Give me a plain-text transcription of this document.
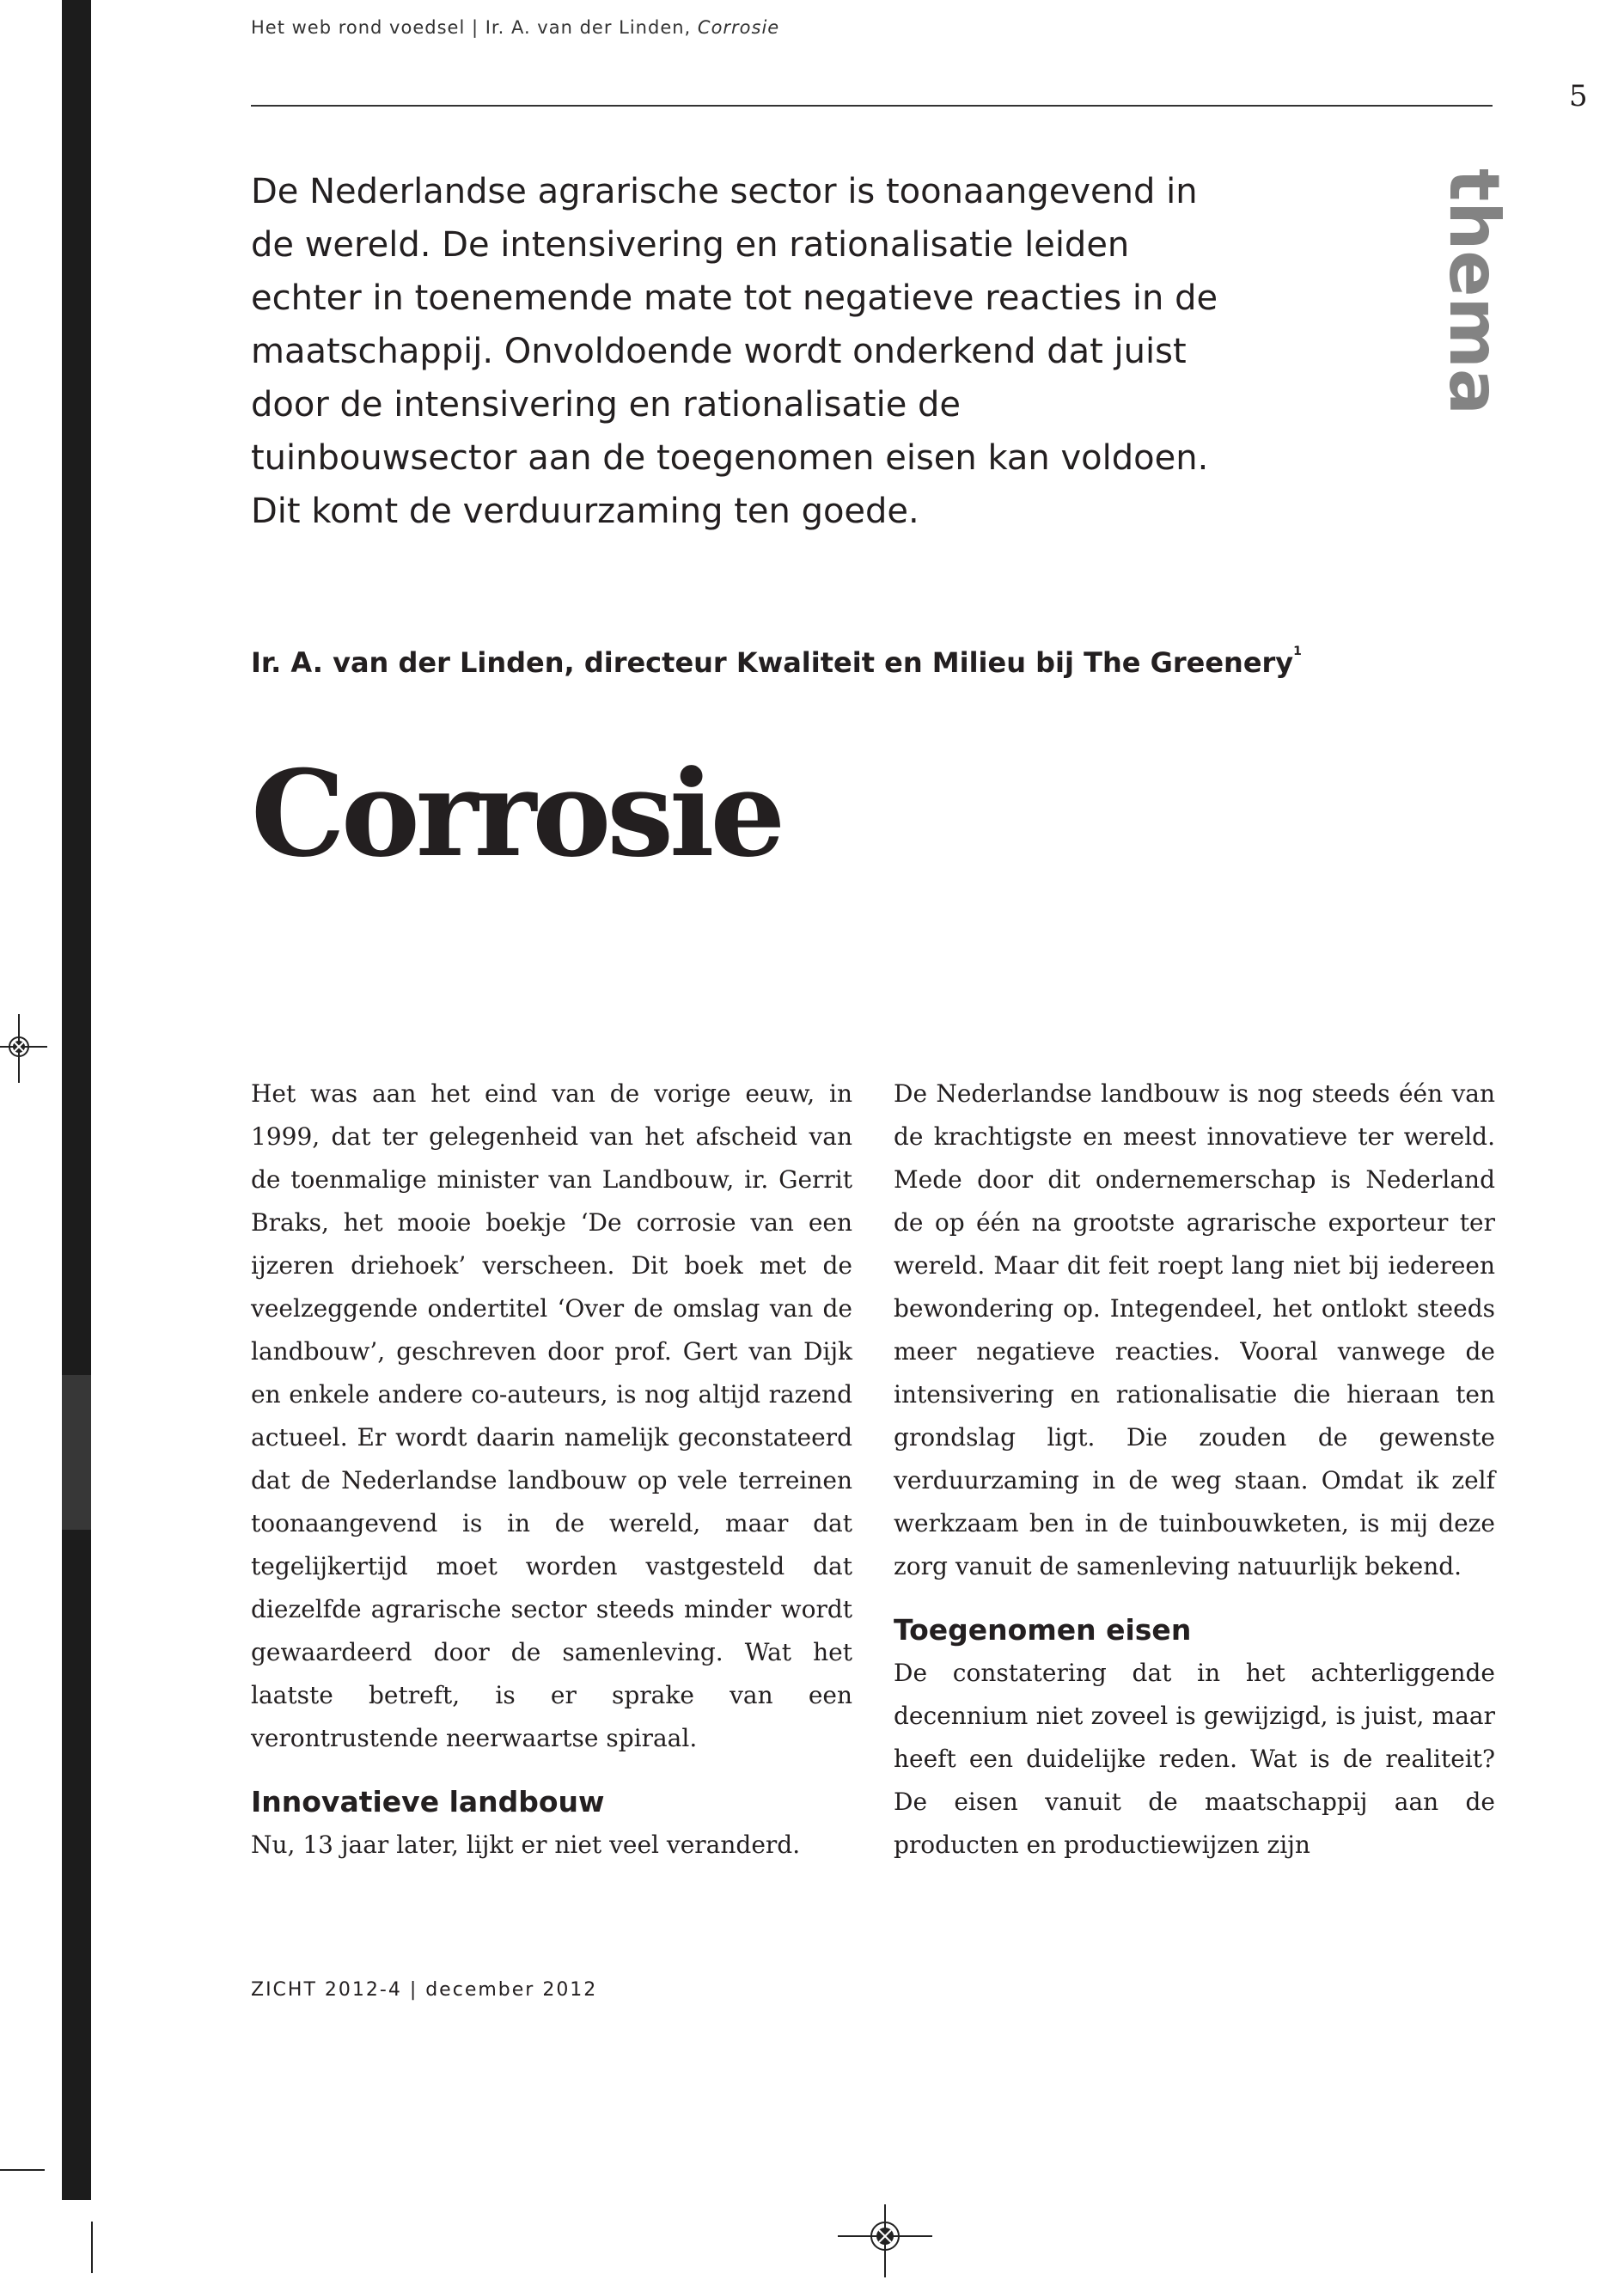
Het web rond voedsel | Ir. A. van der Linden, Corrosie
5
thema

De Nederlandse agrarische sector is toonaangevend in de wereld. De intensivering en rationalisatie leiden echter in toenemende mate tot negatieve reacties in de maatschappij. Onvoldoende wordt onderkend dat juist door de intensivering en rationalisatie de tuinbouwsector aan de toegenomen eisen kan voldoen. Dit komt de verduurzaming ten goede.

Ir. A. van der Linden, directeur Kwaliteit en Milieu bij The Greenery$^1$
Corrosie

Het was aan het eind van de vorige eeuw, in 1999, dat ter gelegenheid van het afscheid van de toenmalige minister van Landbouw, ir. Gerrit Braks, het mooie boekje ‘De corrosie van een ijzeren driehoek’ verscheen. Dit boek met de veelzeggende ondertitel ‘Over de omslag van de landbouw’, geschreven door prof. Gert van Dijk en enkele andere co-auteurs, is nog altijd razend actueel. Er wordt daarin namelijk geconstateerd dat de Nederlandse landbouw op vele terreinen toonaangevend is in de wereld, maar dat tegelijkertijd moet worden vastgesteld dat diezelfde agrarische sector steeds minder wordt gewaardeerd door de samenleving. Wat het laatste betreft, is er sprake van een verontrustende neerwaartse spiraal.

Innovatieve landbouw

Nu, 13 jaar later, lijkt er niet veel veranderd.

De Nederlandse landbouw is nog steeds één van de krachtigste en meest innovatieve ter wereld. Mede door dit ondernemerschap is Nederland de op één na grootste agrarische exporteur ter wereld. Maar dit feit roept lang niet bij iedereen bewondering op. Integendeel, het ontlokt steeds meer negatieve reacties. Vooral vanwege de intensivering en rationalisatie die hieraan ten grondslag ligt. Die zouden de gewenste verduurzaming in de weg staan. Omdat ik zelf werkzaam ben in de tuinbouwketen, is mij deze zorg vanuit de samenleving natuurlijk bekend.

Toegenomen eisen

De constatering dat in het achterliggende decennium niet zoveel is gewijzigd, is juist, maar heeft een duidelijke reden. Wat is de realiteit? De eisen vanuit de maatschappij aan de producten en productiewijzen zijn

ZICHT 2012-4 | december 2012
